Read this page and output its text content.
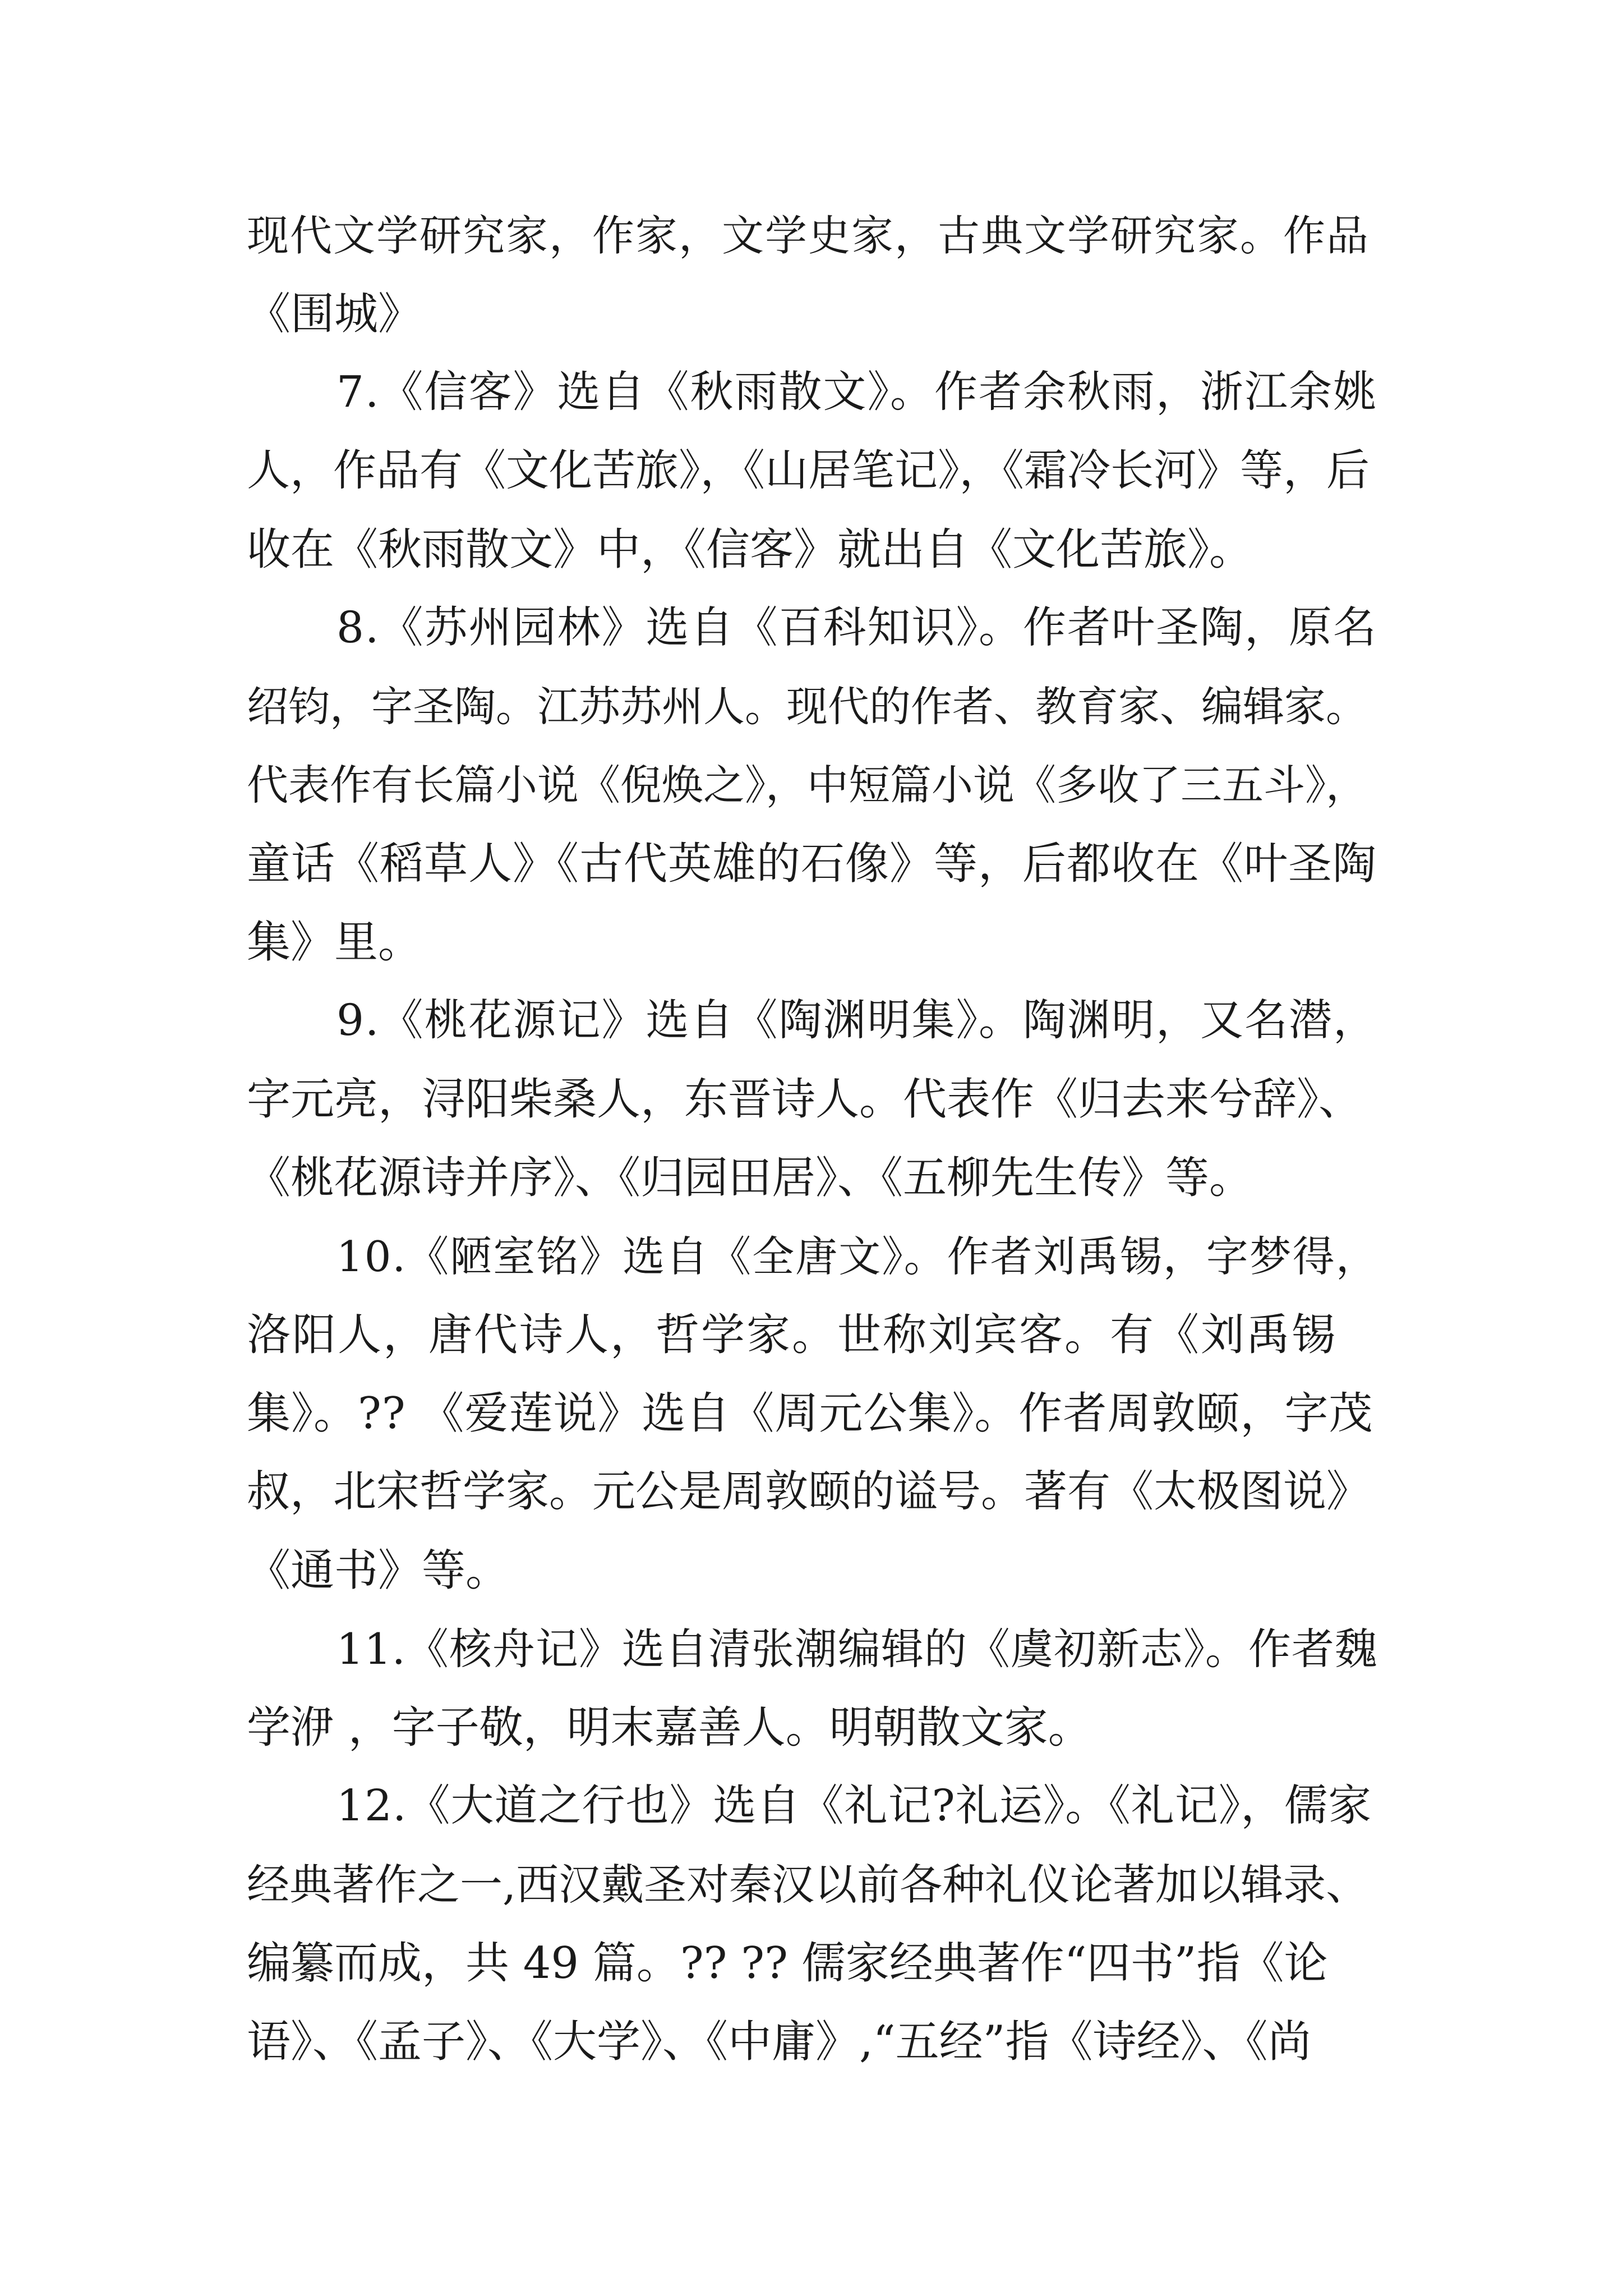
现代文学研究家，作家，文学史家，古典文学研究家。作品
《围城》
7.《信客》选自《秋雨散文》。作者余秋雨，浙江余姚
人，作品有《文化苦旅》，《山居笔记》，《霜冷长河》等，后
收在《秋雨散文》中，《信客》就出自《文化苦旅》。
8.《苏州园林》选自《百科知识》。作者叶圣陶，原名
绍钧，字圣陶。江苏苏州人。现代的作者、教育家、编辑家。
代表作有长篇小说《倪焕之》，中短篇小说《多收了三五斗》，
童话《稻草人》《古代英雄的石像》等，后都收在《叶圣陶
集》里。
9.《桃花源记》选自《陶渊明集》。陶渊明，又名潜，
字元亮，浔阳柴桑人，东晋诗人。代表作《归去来兮辞》、
《桃花源诗并序》、《归园田居》、《五柳先生传》等。
10.《陋室铭》选自《全唐文》。作者刘禹锡，字梦得，
洛阳人，唐代诗人，哲学家。世称刘宾客。有《刘禹锡
集》。?? 《爱莲说》选自《周元公集》。作者周敦颐，字茂
叔，北宋哲学家。元公是周敦颐的谥号。著有《太极图说》
《通书》等。
11.《核舟记》选自清张潮编辑的《虞初新志》。作者魏
学洢 ，字子敬，明末嘉善人。明朝散文家。
12.《大道之行也》选自《礼记?礼运》。《礼记》，儒家
经典著作之一,西汉戴圣对秦汉以前各种礼仪论著加以辑录、
编纂而成，共 49 篇。?? ?? 儒家经典著作“四书”指《论
语》、《孟子》、《大学》、《中庸》,“五经”指《诗经》、《尚
